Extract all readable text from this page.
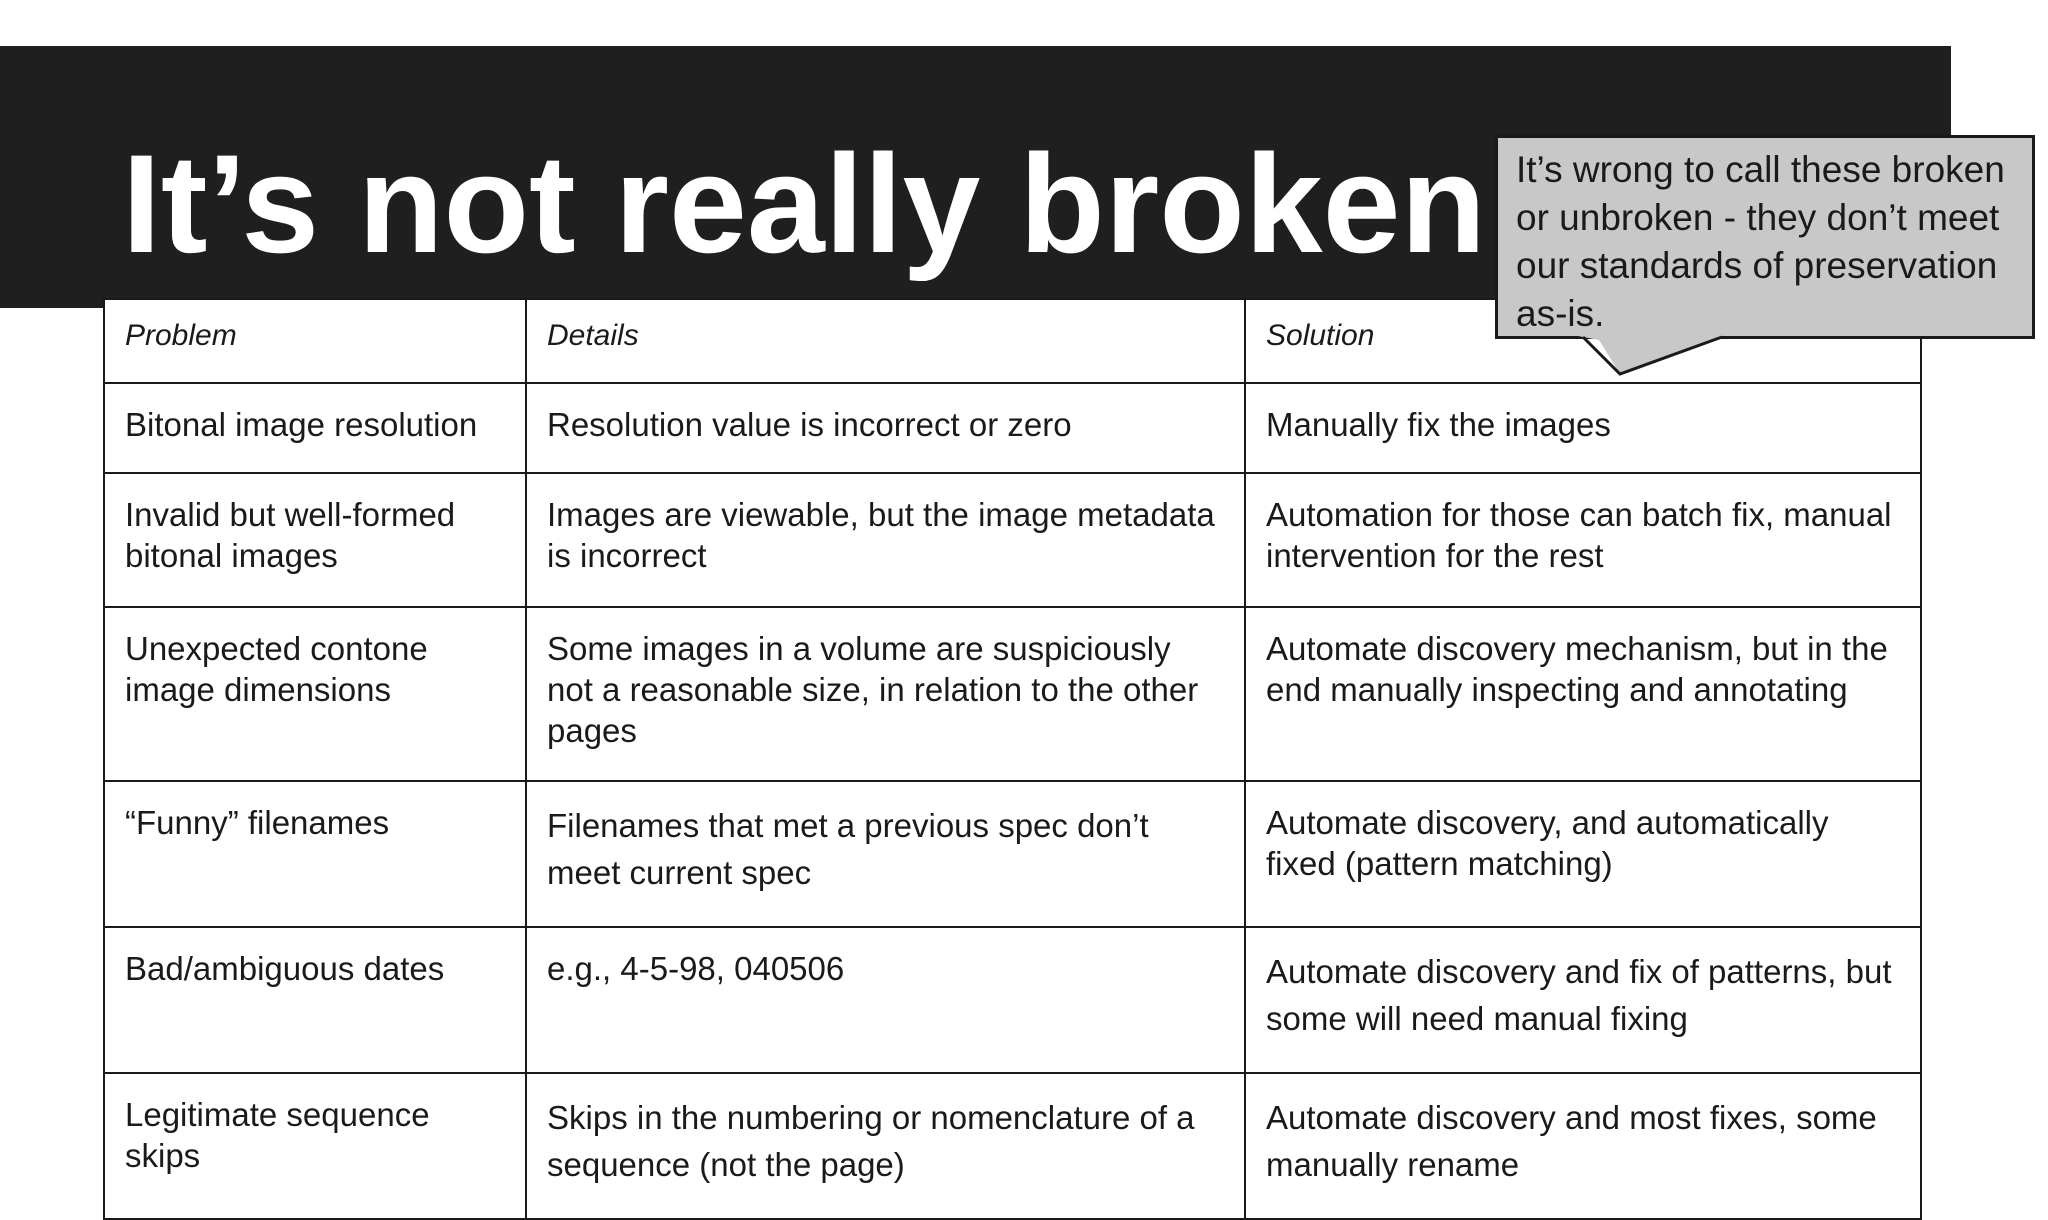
It’s not really broken
Problem	Details	Solution
Bitonal image resolution	Resolution value is incorrect or zero	Manually fix the images
Invalid but well-formed bitonal images	Images are viewable, but the image metadata is incorrect	Automation for those can batch fix, manual intervention for the rest
Unexpected contone image dimensions	Some images in a volume are suspiciously not a reasonable size, in relation to the other pages	Automate discovery mechanism, but in the end manually inspecting and annotating
“Funny” filenames	Filenames that met a previous spec don’t meet current spec	Automate discovery, and automatically fixed (pattern matching)
Bad/ambiguous dates	e.g., 4-5-98, 040506	Automate discovery and fix of patterns, but some will need manual fixing
Legitimate sequence skips	Skips in the numbering or nomenclature of a sequence (not the page)	Automate discovery and most fixes, some manually rename
It’s wrong to call these broken or unbroken - they don’t meet our standards of preservation as-is.
